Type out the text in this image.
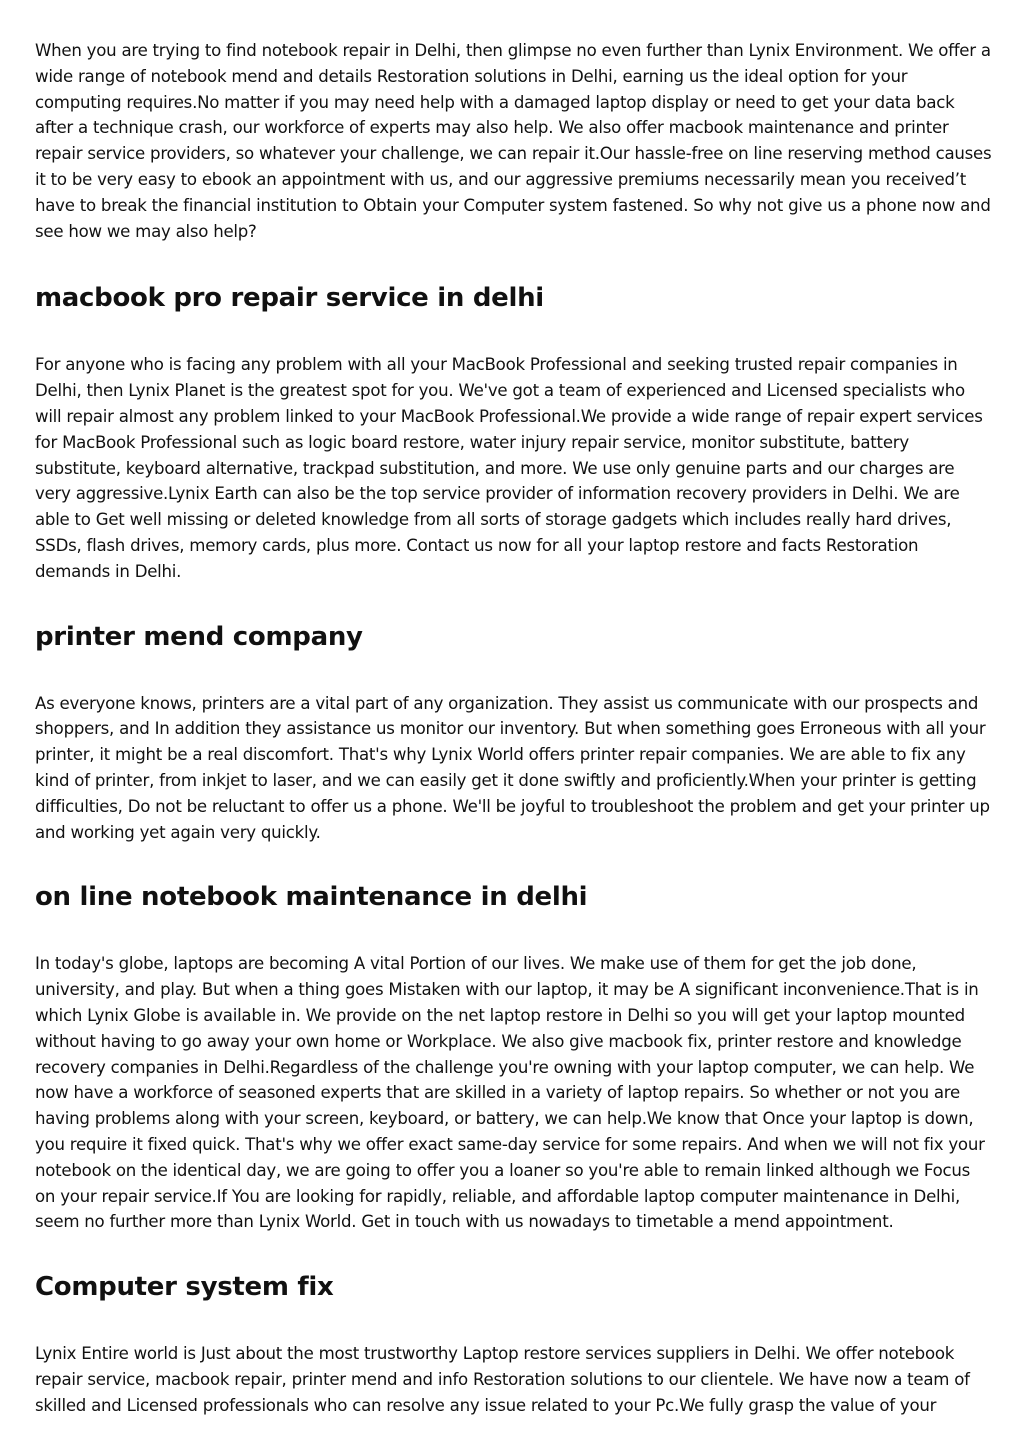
When you are trying to find notebook repair in Delhi, then glimpse no even further than Lynix Environment. We offer a wide range of notebook mend and details Restoration solutions in Delhi, earning us the ideal option for your computing requires.No matter if you may need help with a damaged laptop display or need to get your data back after a technique crash, our workforce of experts may also help. We also offer macbook maintenance and printer repair service providers, so whatever your challenge, we can repair it.Our hassle-free on line reserving method causes it to be very easy to ebook an appointment with us, and our aggressive premiums necessarily mean you received’t have to break the financial institution to Obtain your Computer system fastened. So why not give us a phone now and see how we may also help?

macbook pro repair service in delhi

For anyone who is facing any problem with all your MacBook Professional and seeking trusted repair companies in Delhi, then Lynix Planet is the greatest spot for you. We've got a team of experienced and Licensed specialists who will repair almost any problem linked to your MacBook Professional.We provide a wide range of repair expert services for MacBook Professional such as logic board restore, water injury repair service, monitor substitute, battery substitute, keyboard alternative, trackpad substitution, and more. We use only genuine parts and our charges are very aggressive.Lynix Earth can also be the top service provider of information recovery providers in Delhi. We are able to Get well missing or deleted knowledge from all sorts of storage gadgets which includes really hard drives, SSDs, flash drives, memory cards, plus more. Contact us now for all your laptop restore and facts Restoration demands in Delhi.

printer mend company

As everyone knows, printers are a vital part of any organization. They assist us communicate with our prospects and shoppers, and In addition they assistance us monitor our inventory. But when something goes Erroneous with all your printer, it might be a real discomfort. That's why Lynix World offers printer repair companies. We are able to fix any kind of printer, from inkjet to laser, and we can easily get it done swiftly and proficiently.When your printer is getting difficulties, Do not be reluctant to offer us a phone. We'll be joyful to troubleshoot the problem and get your printer up and working yet again very quickly.

on line notebook maintenance in delhi

In today's globe, laptops are becoming A vital Portion of our lives. We make use of them for get the job done, university, and play. But when a thing goes Mistaken with our laptop, it may be A significant inconvenience.That is in which Lynix Globe is available in. We provide on the net laptop restore in Delhi so you will get your laptop mounted without having to go away your own home or Workplace. We also give macbook fix, printer restore and knowledge recovery companies in Delhi.Regardless of the challenge you're owning with your laptop computer, we can help. We now have a workforce of seasoned experts that are skilled in a variety of laptop repairs. So whether or not you are having problems along with your screen, keyboard, or battery, we can help.We know that Once your laptop is down, you require it fixed quick. That's why we offer exact same-day service for some repairs. And when we will not fix your notebook on the identical day, we are going to offer you a loaner so you're able to remain linked although we Focus on your repair service.If You are looking for rapidly, reliable, and affordable laptop computer maintenance in Delhi, seem no further more than Lynix World. Get in touch with us nowadays to timetable a mend appointment.

Computer system fix

Lynix Entire world is Just about the most trustworthy Laptop restore services suppliers in Delhi. We offer notebook repair service, macbook repair, printer mend and info Restoration solutions to our clientele. We have now a team of skilled and Licensed professionals who can resolve any issue related to your Pc.We fully grasp the value of your
